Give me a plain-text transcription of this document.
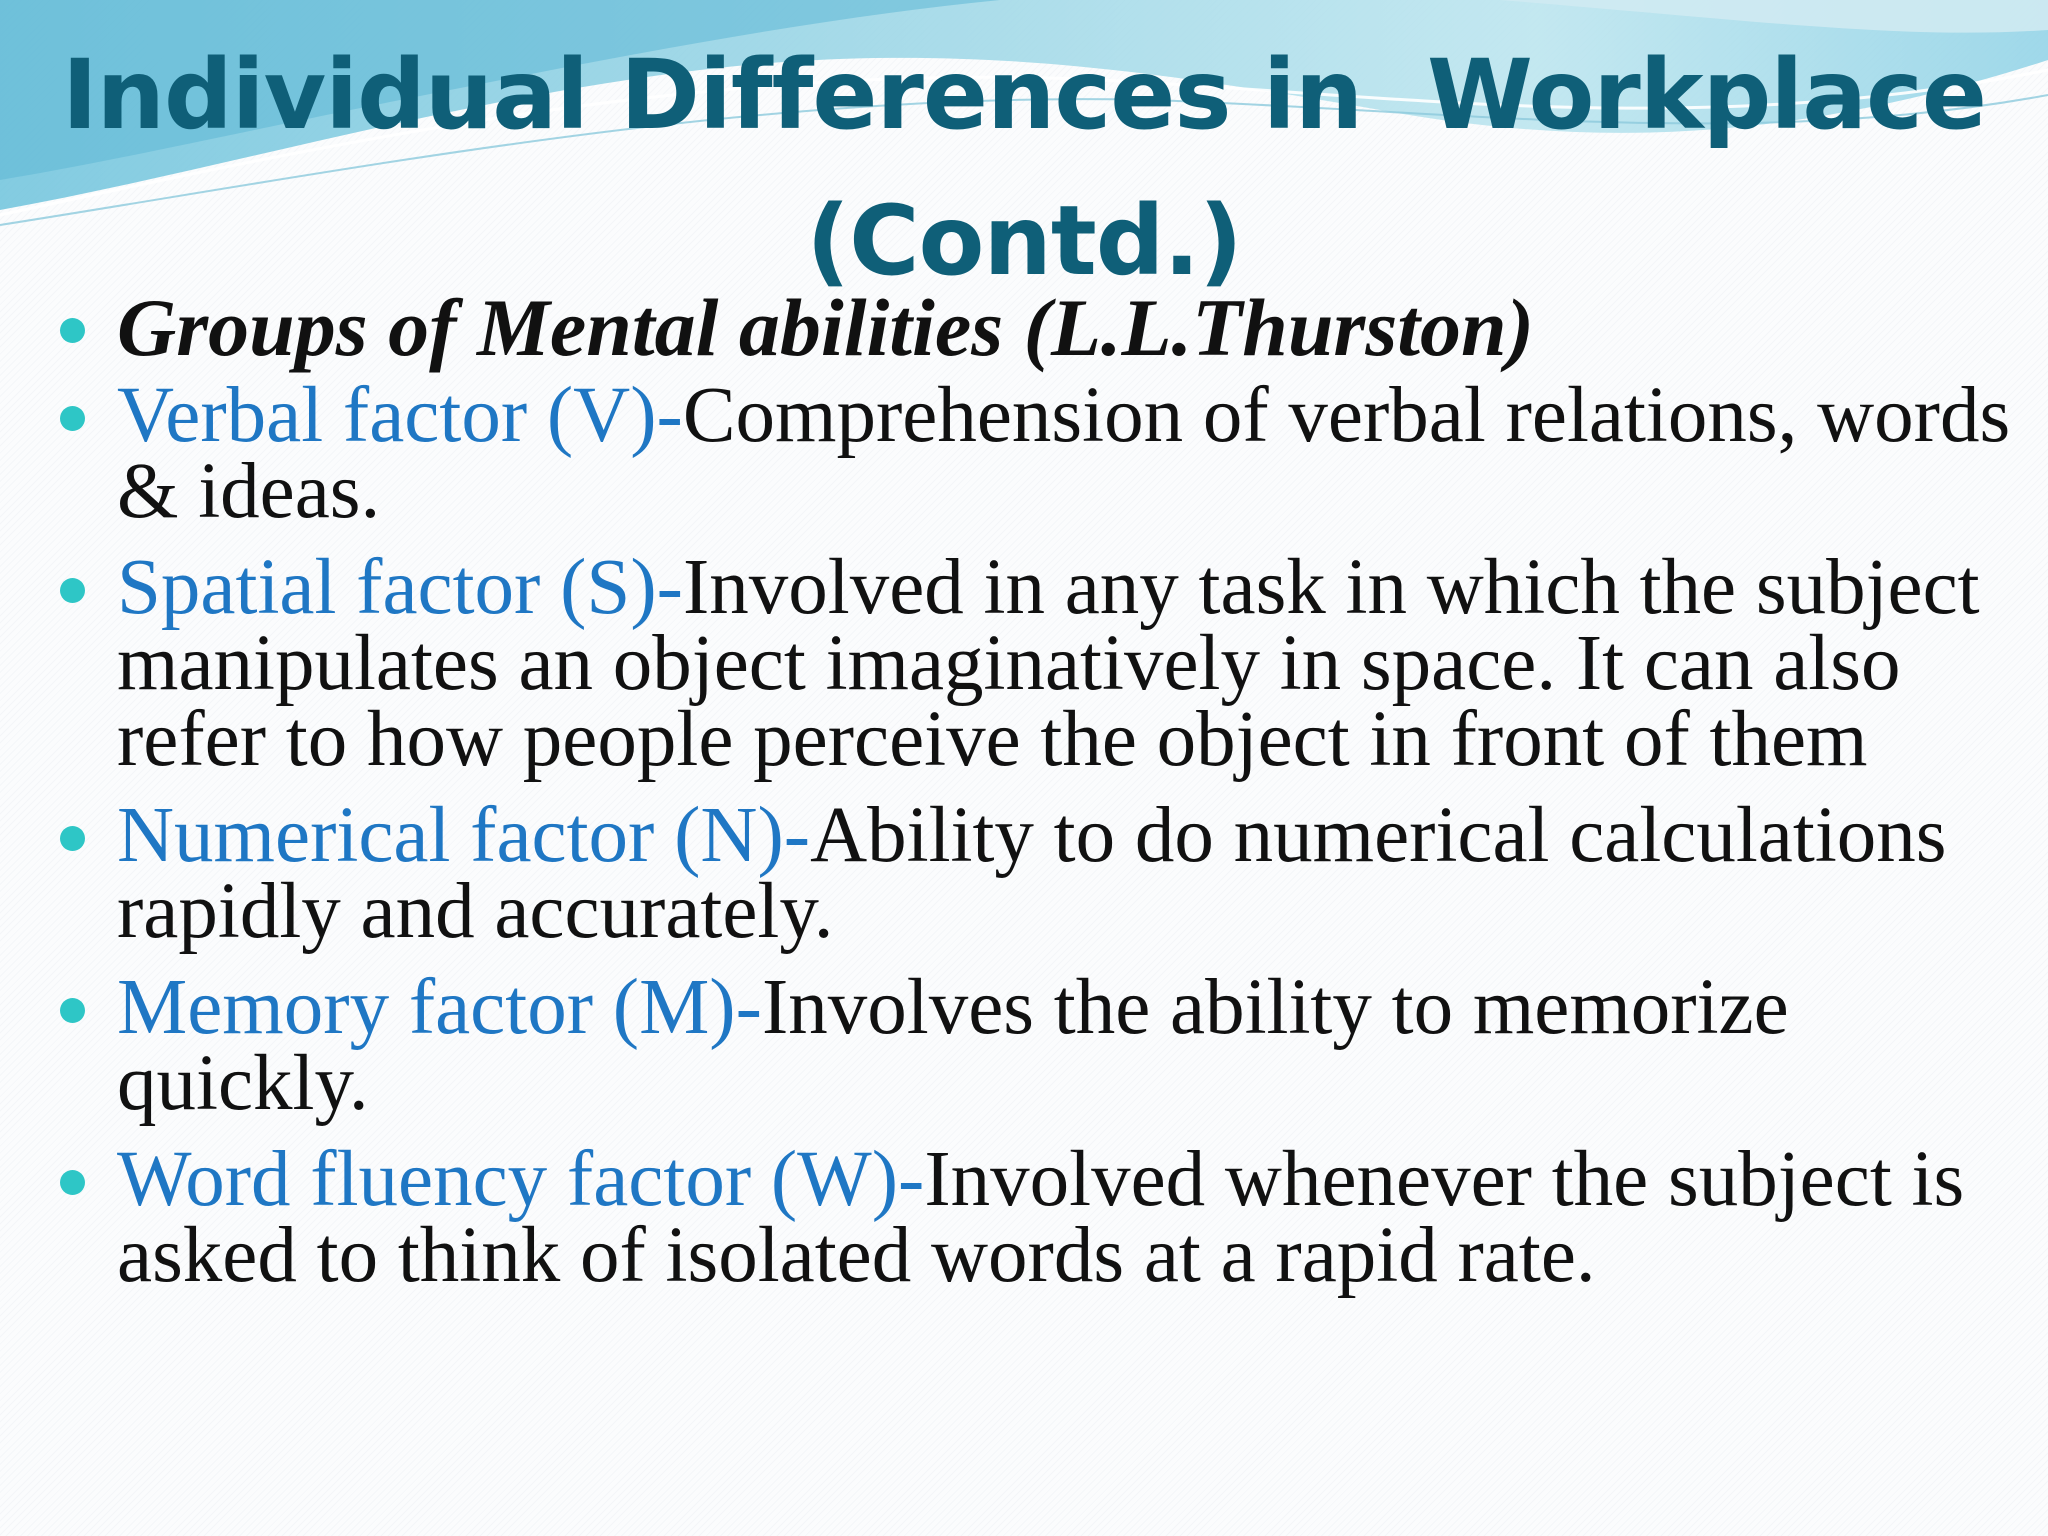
Individual Differences in  Workplace
(Contd.)
Groups of Mental abilities (L.L.Thurston)
Verbal factor (V)-Comprehension of verbal relations, words & ideas.
Spatial factor (S)-Involved in any task in which the subject manipulates an object imaginatively in space. It can also refer to how people perceive the object in front of them
Numerical factor (N)-Ability to do numerical calculations rapidly and accurately.
Memory factor (M)-Involves the ability to memorize quickly.
Word fluency factor (W)-Involved whenever the subject is asked to think of isolated words at a rapid rate.
